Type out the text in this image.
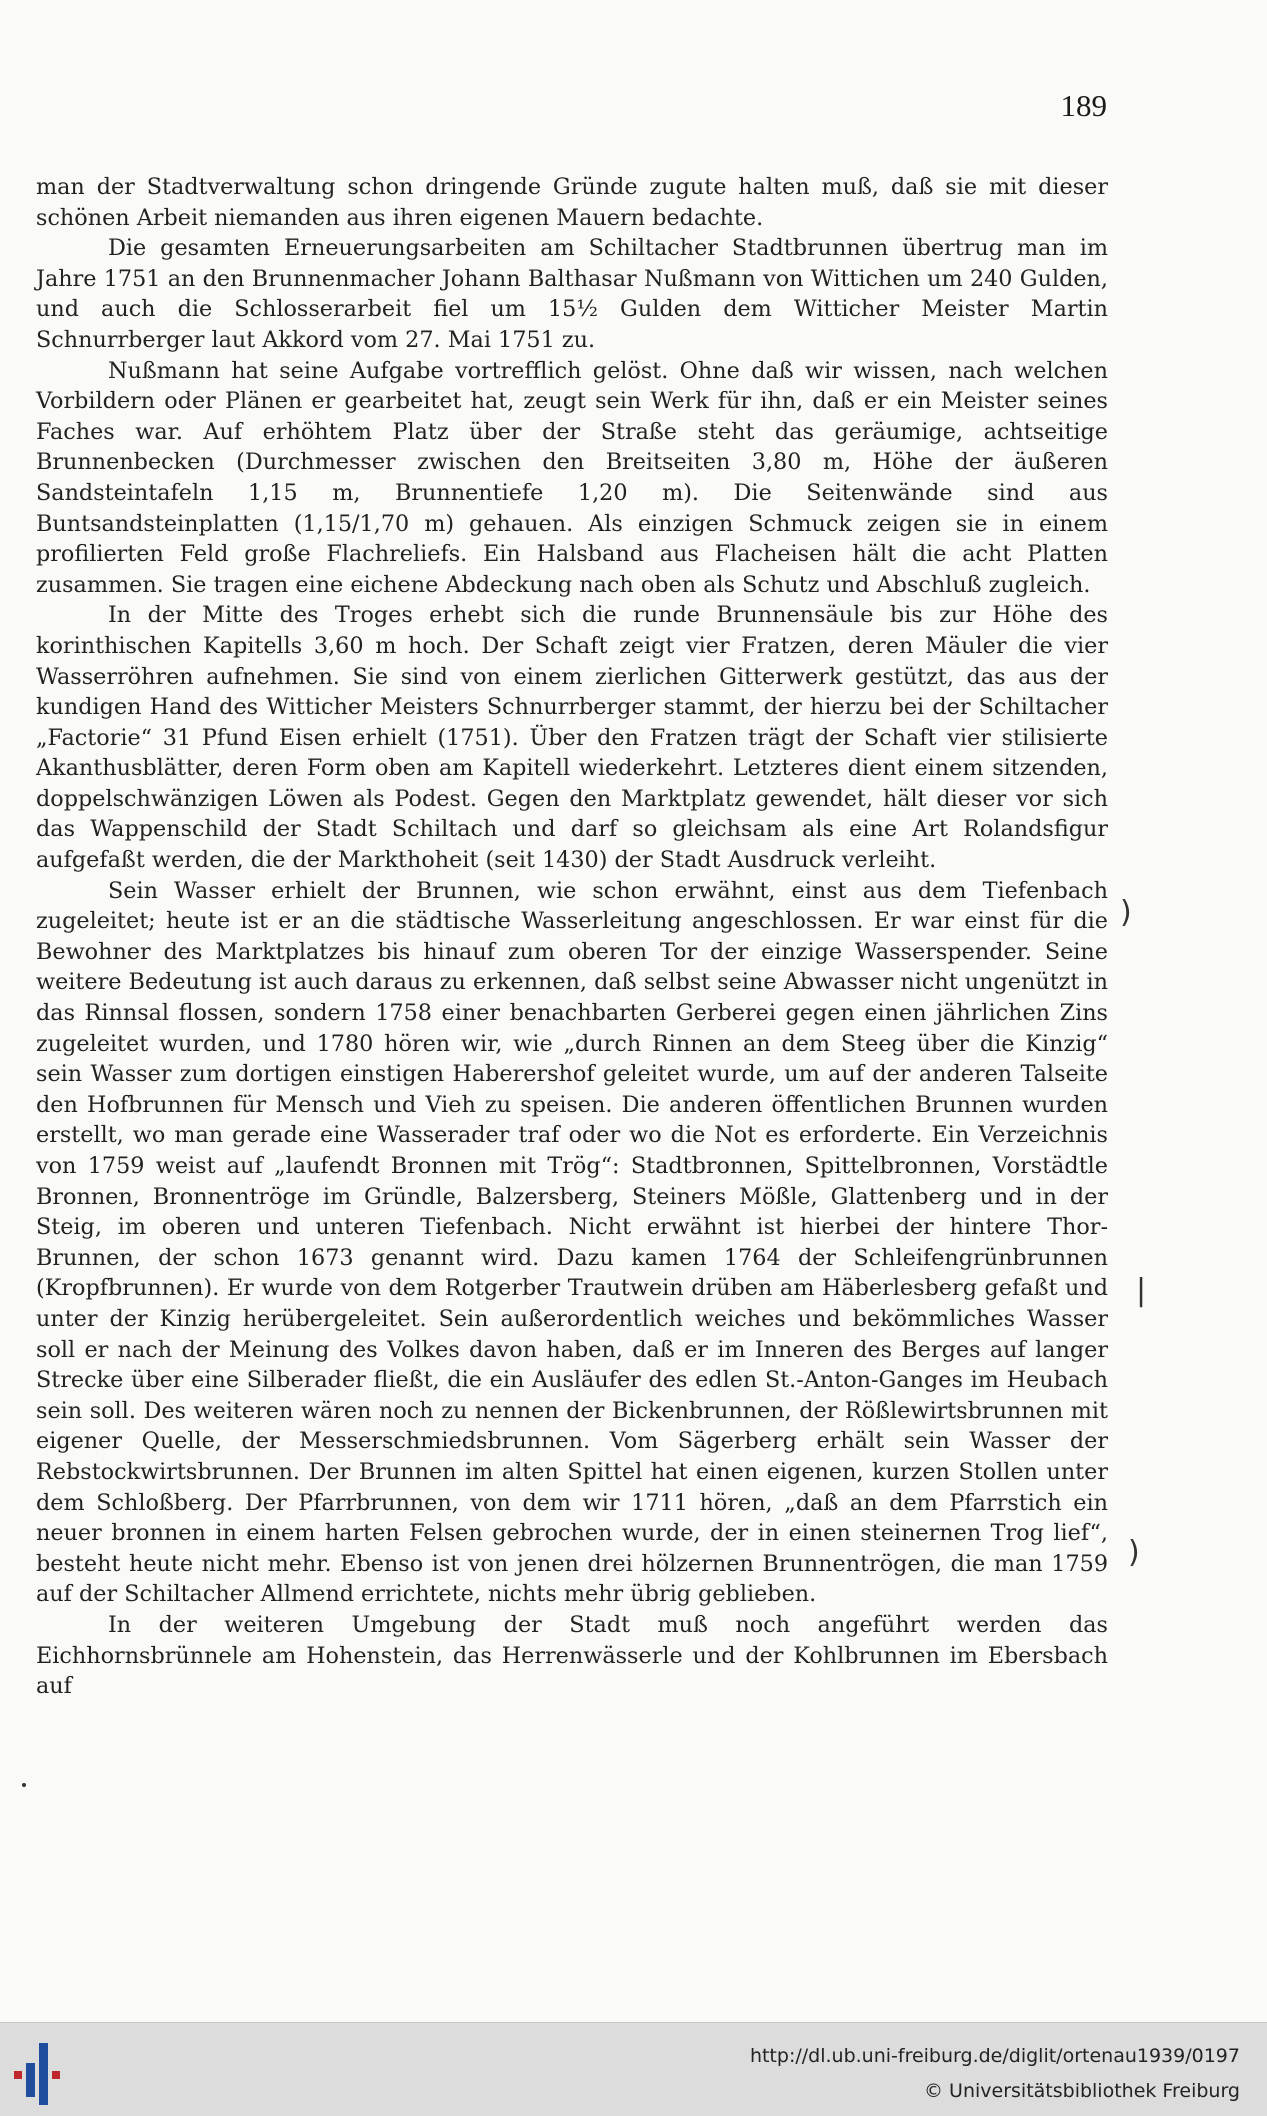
189

man der Stadtverwaltung schon dringende Gründe zugute halten muß, daß sie mit dieser schönen Arbeit niemanden aus ihren eigenen Mauern bedachte.

Die gesamten Erneuerungsarbeiten am Schiltacher Stadtbrunnen übertrug man im Jahre 1751 an den Brunnenmacher Johann Balthasar Nußmann von Wittichen um 240 Gulden, und auch die Schlosserarbeit fiel um 15½ Gulden dem Witticher Meister Martin Schnurrberger laut Akkord vom 27. Mai 1751 zu.

Nußmann hat seine Aufgabe vortrefflich gelöst. Ohne daß wir wissen, nach welchen Vorbildern oder Plänen er gearbeitet hat, zeugt sein Werk für ihn, daß er ein Meister seines Faches war. Auf erhöhtem Platz über der Straße steht das geräumige, achtseitige Brunnenbecken (Durchmesser zwischen den Breitseiten 3,80 m, Höhe der äußeren Sandsteintafeln 1,15 m, Brunnentiefe 1,20 m). Die Seitenwände sind aus Buntsandsteinplatten (1,15/1,70 m) gehauen. Als einzigen Schmuck zeigen sie in einem profilierten Feld große Flachreliefs. Ein Halsband aus Flacheisen hält die acht Platten zusammen. Sie tragen eine eichene Abdeckung nach oben als Schutz und Abschluß zugleich.

In der Mitte des Troges erhebt sich die runde Brunnensäule bis zur Höhe des korinthischen Kapitells 3,60 m hoch. Der Schaft zeigt vier Fratzen, deren Mäuler die vier Wasserröhren aufnehmen. Sie sind von einem zierlichen Gitterwerk gestützt, das aus der kundigen Hand des Witticher Meisters Schnurrberger stammt, der hierzu bei der Schiltacher „Factorie“ 31 Pfund Eisen erhielt (1751). Über den Fratzen trägt der Schaft vier stilisierte Akanthusblätter, deren Form oben am Kapitell wiederkehrt. Letzteres dient einem sitzenden, doppelschwänzigen Löwen als Podest. Gegen den Marktplatz gewendet, hält dieser vor sich das Wappenschild der Stadt Schiltach und darf so gleichsam als eine Art Rolandsfigur aufgefaßt werden, die der Markthoheit (seit 1430) der Stadt Ausdruck verleiht.

Sein Wasser erhielt der Brunnen, wie schon erwähnt, einst aus dem Tiefenbach zugeleitet; heute ist er an die städtische Wasserleitung angeschlossen. Er war einst für die Bewohner des Marktplatzes bis hinauf zum oberen Tor der einzige Wasserspender. Seine weitere Bedeutung ist auch daraus zu erkennen, daß selbst seine Abwasser nicht ungenützt in das Rinnsal flossen, sondern 1758 einer benachbarten Gerberei gegen einen jährlichen Zins zugeleitet wurden, und 1780 hören wir, wie „durch Rinnen an dem Steeg über die Kinzig“ sein Wasser zum dortigen einstigen Haberershof geleitet wurde, um auf der anderen Talseite den Hofbrunnen für Mensch und Vieh zu speisen. Die anderen öffentlichen Brunnen wurden erstellt, wo man gerade eine Wasserader traf oder wo die Not es erforderte. Ein Verzeichnis von 1759 weist auf „laufendt Bronnen mit Trög“: Stadtbronnen, Spittelbronnen, Vorstädtle Bronnen, Bronnentröge im Gründle, Balzersberg, Steiners Mößle, Glattenberg und in der Steig, im oberen und unteren Tiefenbach. Nicht erwähnt ist hierbei der hintere Thor-Brunnen, der schon 1673 genannt wird. Dazu kamen 1764 der Schleifengrünbrunnen (Kropfbrunnen). Er wurde von dem Rotgerber Trautwein drüben am Häberlesberg gefaßt und unter der Kinzig herübergeleitet. Sein außerordentlich weiches und bekömmliches Wasser soll er nach der Meinung des Volkes davon haben, daß er im Inneren des Berges auf langer Strecke über eine Silberader fließt, die ein Ausläufer des edlen St.-Anton-Ganges im Heubach sein soll. Des weiteren wären noch zu nennen der Bickenbrunnen, der Rößlewirtsbrunnen mit eigener Quelle, der Messerschmiedsbrunnen. Vom Sägerberg erhält sein Wasser der Rebstockwirtsbrunnen. Der Brunnen im alten Spittel hat einen eigenen, kurzen Stollen unter dem Schloßberg. Der Pfarrbrunnen, von dem wir 1711 hören, „daß an dem Pfarrstich ein neuer bronnen in einem harten Felsen gebrochen wurde, der in einen steinernen Trog lief“, besteht heute nicht mehr. Ebenso ist von jenen drei hölzernen Brunnentrögen, die man 1759 auf der Schiltacher Allmend errichtete, nichts mehr übrig geblieben.

In der weiteren Umgebung der Stadt muß noch angeführt werden das Eichhornsbrünnele am Hohenstein, das Herrenwässerle und der Kohlbrunnen im Ebersbach auf

)
|
)
http://dl.ub.uni-freiburg.de/diglit/ortenau1939/0197
© Universitätsbibliothek Freiburg
